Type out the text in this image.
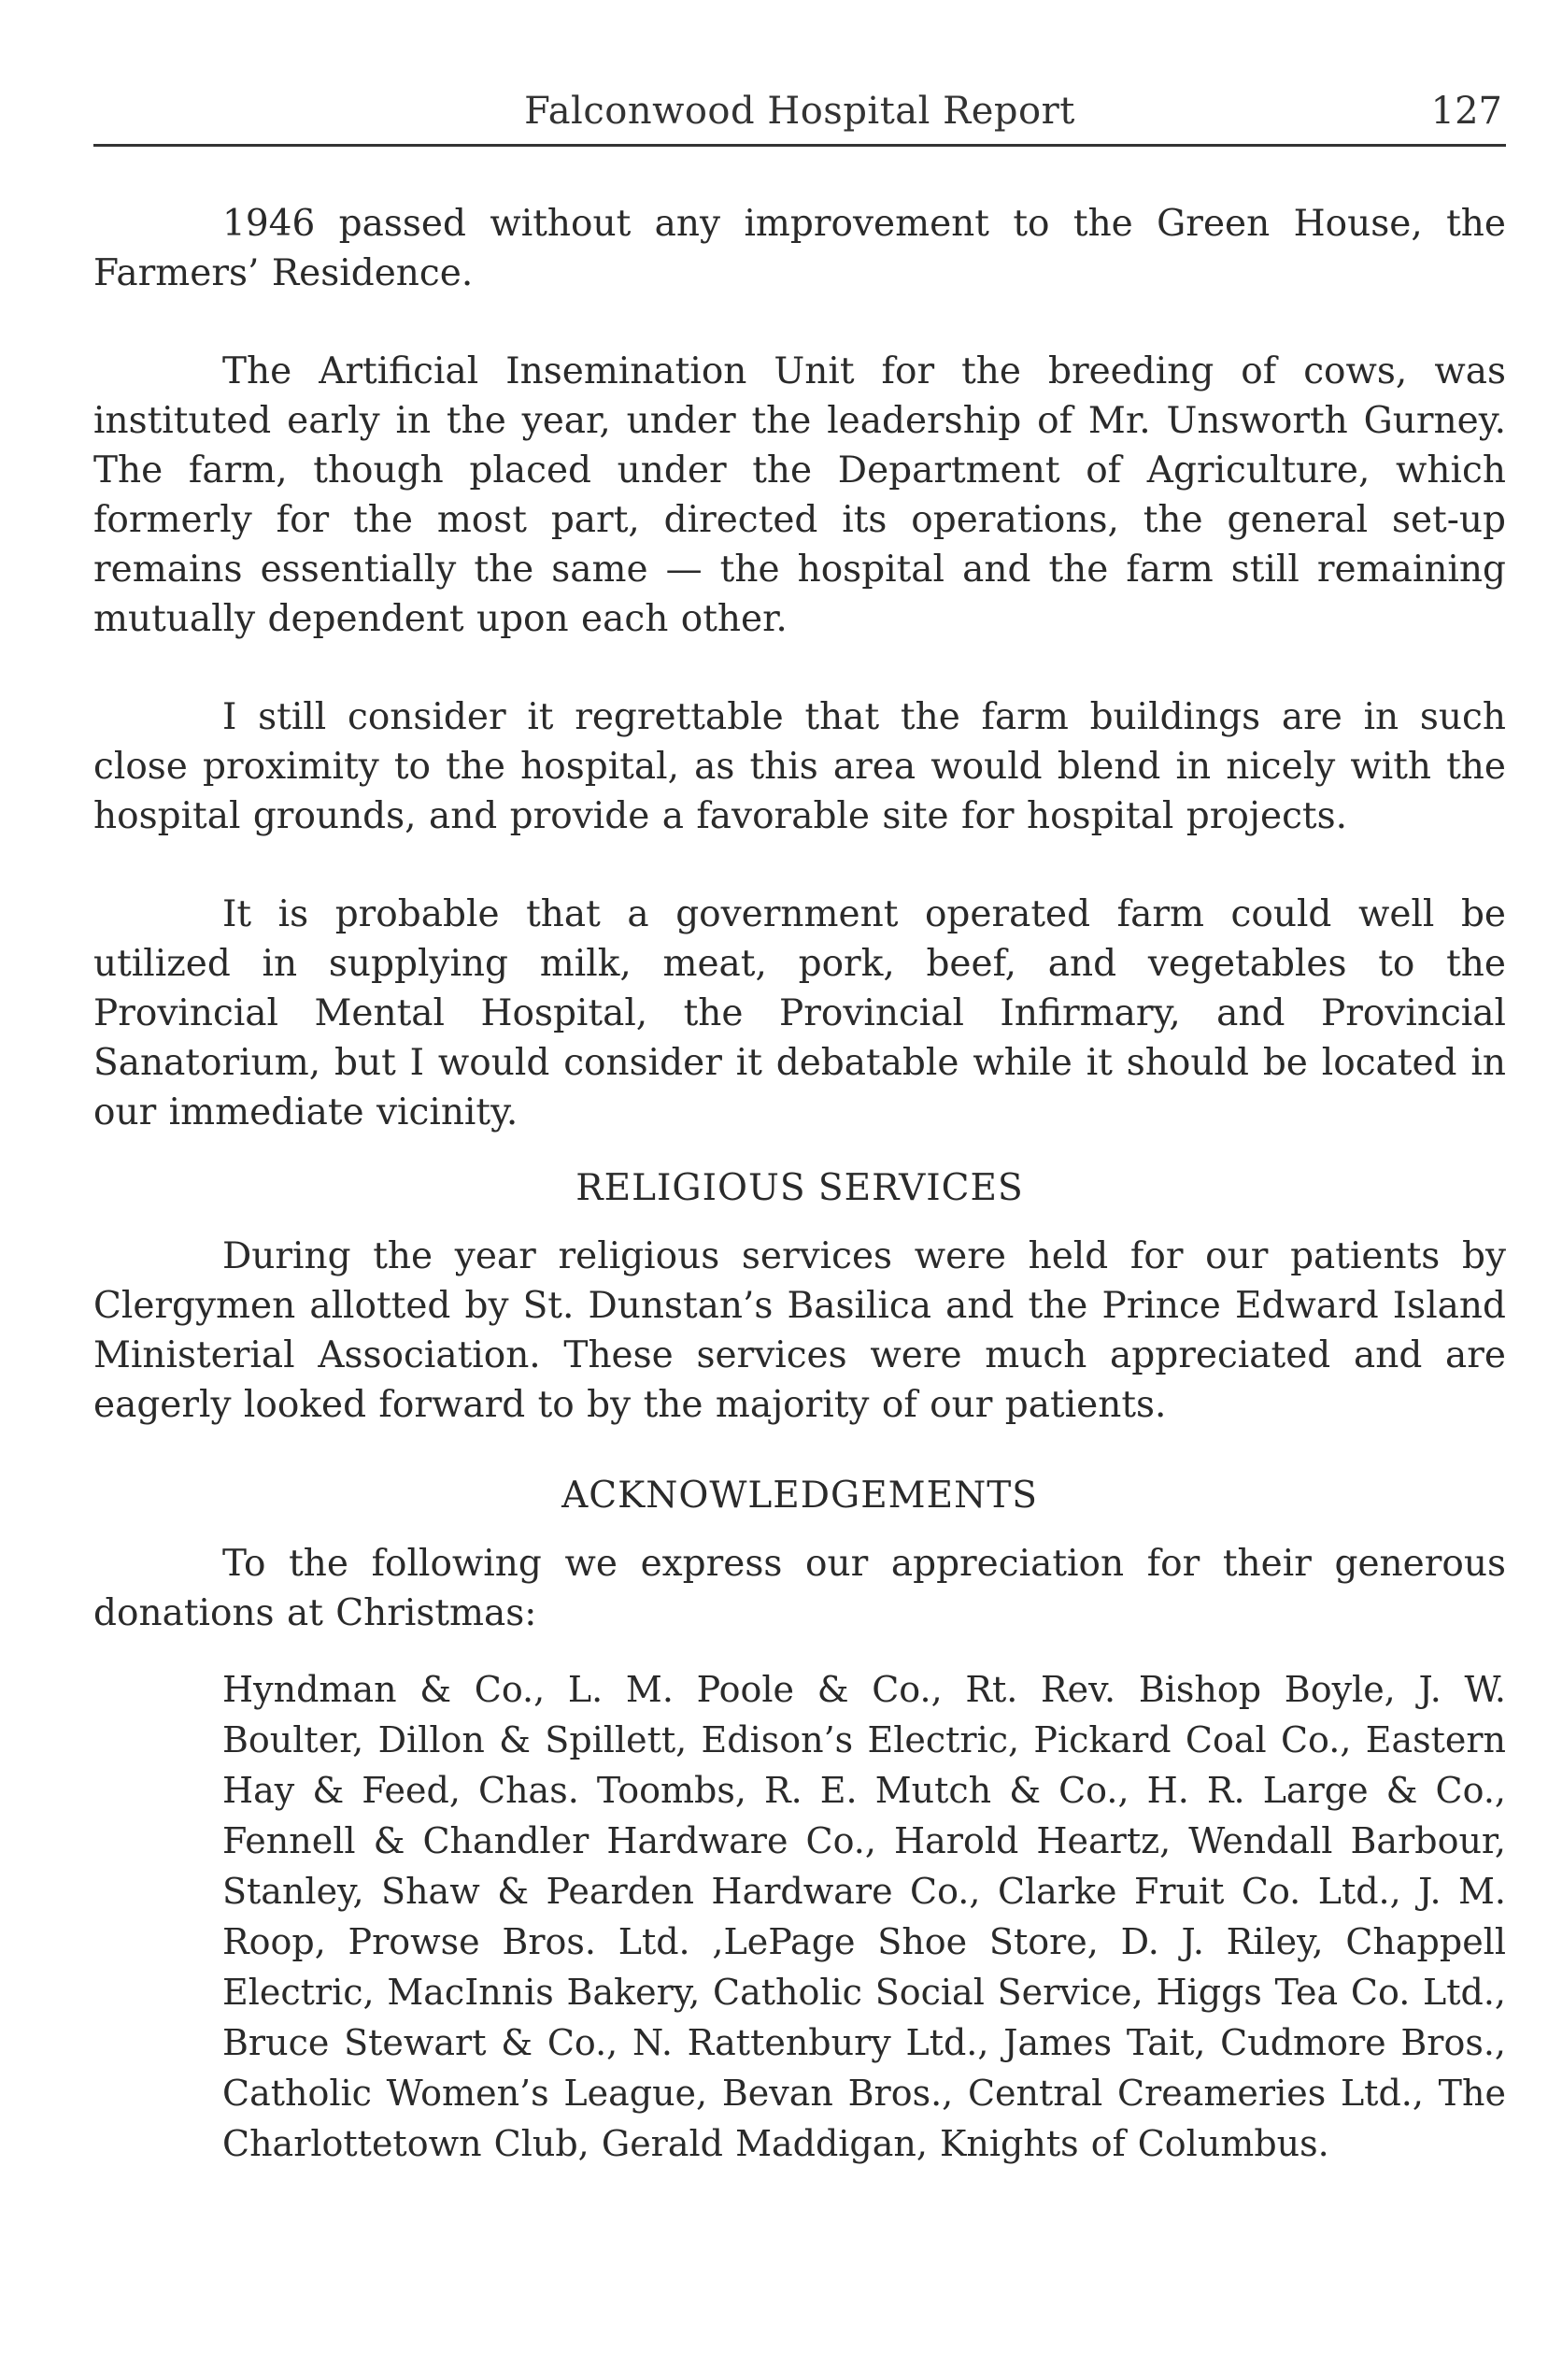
Falconwood Hospital Report	127

1946 passed without any improvement to the Green House, the Farmers’ Residence.

The Artificial Insemination Unit for the breeding of cows, was instituted early in the year, under the leadership of Mr. Unsworth Gurney. The farm, though placed under the Department of Agriculture, which formerly for the most part, directed its operations, the general set-up remains essentially the same — the hospital and the farm still remaining mutually dependent upon each other.

I still consider it regrettable that the farm buildings are in such close proximity to the hospital, as this area would blend in nicely with the hospital grounds, and provide a favorable site for hospital projects.

It is probable that a government operated farm could well be utilized in supplying milk, meat, pork, beef, and vegetables to the Provincial Mental Hospital, the Provincial Infirmary, and Provincial Sanatorium, but I would consider it debatable while it should be located in our immediate vicinity.

RELIGIOUS SERVICES

During the year religious services were held for our patients by Clergymen allotted by St. Dunstan’s Basilica and the Prince Edward Island Ministerial Association. These services were much appreciated and are eagerly looked forward to by the majority of our patients.

ACKNOWLEDGEMENTS

To the following we express our appreciation for their generous donations at Christmas:

Hyndman & Co., L. M. Poole & Co., Rt. Rev. Bishop Boyle, J. W. Boulter, Dillon & Spillett, Edison’s Electric, Pickard Coal Co., Eastern Hay & Feed, Chas. Toombs, R. E. Mutch & Co., H. R. Large & Co., Fennell & Chandler Hardware Co., Harold Heartz, Wendall Barbour, Stanley, Shaw & Pearden Hardware Co., Clarke Fruit Co. Ltd., J. M. Roop, Prowse Bros. Ltd. ,LePage Shoe Store, D. J. Riley, Chappell Electric, MacInnis Bakery, Catholic Social Service, Higgs Tea Co. Ltd., Bruce Stewart & Co., N. Rattenbury Ltd., James Tait, Cudmore Bros., Catholic Women’s League, Bevan Bros., Central Creameries Ltd., The Charlottetown Club, Gerald Maddigan, Knights of Columbus.
